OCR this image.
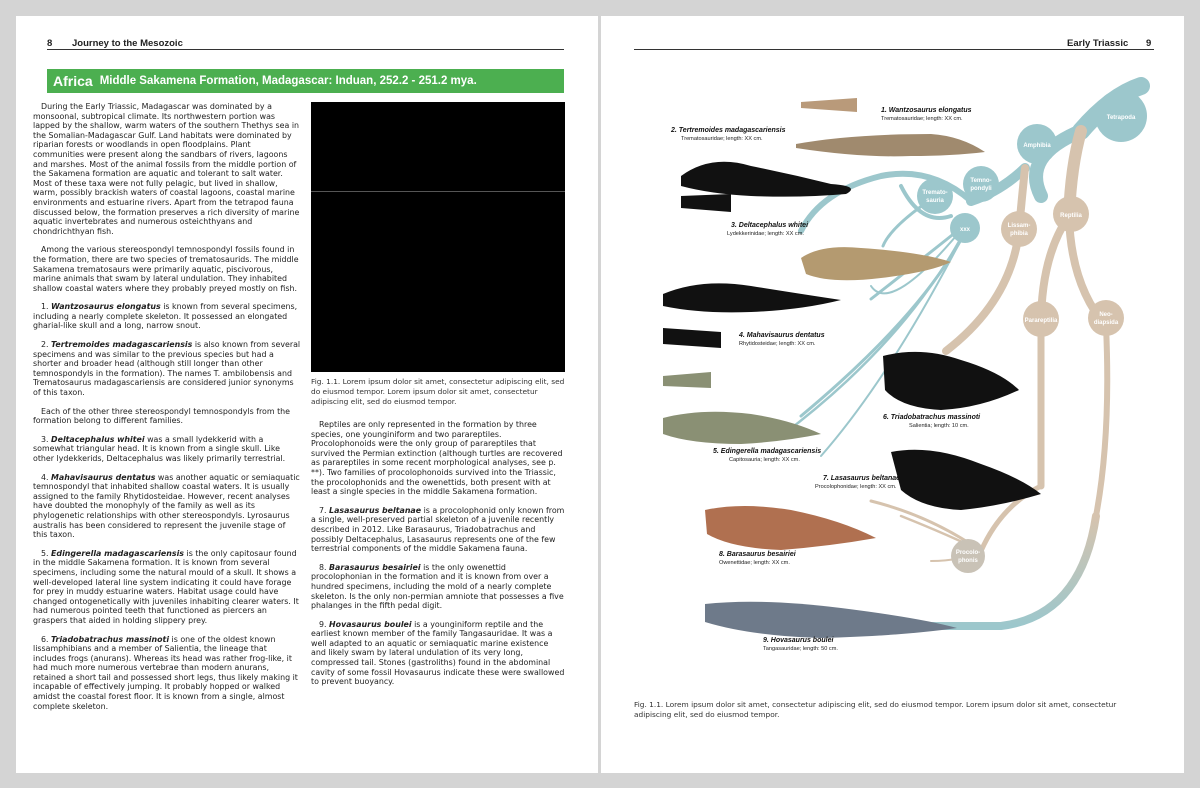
8 Journey to the Mesozoic
Africa Middle Sakamena Formation, Madagascar: Induan, 252.2 - 251.2 mya.

During the Early Triassic, Madagascar was dominated by a monsoonal, subtropical climate. Its northwestern portion was lapped by the shallow, warm waters of the southern Thethys sea in the Somalian-Madagascar Gulf. Land habitats were dominated by riparian forests or woodlands in open floodplains. Plant communities were present along the sandbars of rivers, lagoons and marshes. Most of the animal fossils from the middle portion of the Sakamena formation are aquatic and tolerant to salt water. Most of these taxa were not fully pelagic, but lived in shallow, warm, possibly brackish waters of coastal lagoons, coastal marine environments and estuarine rivers. Apart from the tetrapod fauna discussed below, the formation preserves a rich diversity of marine aquatic invertebrates and numerous osteichthyans and chondrichthyan fish.

Among the various stereospondyl temnospondyl fossils found in the formation, there are two species of trematosaurids. The middle Sakamena trematosaurs were primarily aquatic, piscivorous, marine animals that swam by lateral undulation. They inhabited shallow coastal waters where they probably preyed mostly on fish.

1. Wantzosaurus elongatus is known from several specimens, including a nearly complete skeleton. It possessed an elongated gharial-like skull and a long, narrow snout.

2. Tertremoides madagascariensis is also known from several specimens and was similar to the previous species but had a shorter and broader head (although still longer than other temnospondyls in the formation). The names T. ambilobensis and Trematosaurus madagascariensis are considered junior synonyms of this taxon.

Each of the other three stereospondyl temnospondyls from the formation belong to different families.

3. Deltacephalus whitei was a small lydekkerid with a somewhat triangular head. It is known from a single skull. Like other lydekkerids, Deltacephalus was likely primarily terrestrial.

4. Mahavisaurus dentatus was another aquatic or semiaquatic temnospondyl that inhabited shallow coastal waters. It is usually assigned to the family Rhytidosteidae. However, recent analyses have doubted the monophyly of the family as well as its phylogenetic relationships with other stereospondyls. Lyrosaurus australis has been considered to represent the juvenile stage of this taxon.

5. Edingerella madagascariensis is the only capitosaur found in the middle Sakamena formation. It is known from several specimens, including some the natural mould of a skull. It shows a well-developed lateral line system indicating it could have forage for prey in muddy estuarine waters. Habitat usage could have changed ontogenetically with juveniles inhabiting clearer waters. It had numerous pointed teeth that functioned as piercers an graspers that aided in holding slippery prey.

6. Triadobatrachus massinoti is one of the oldest known lissamphibians and a member of Salientia, the lineage that includes frogs (anurans). Whereas its head was rather frog-like, it had much more numerous vertebrae than modern anurans, retained a short tail and possessed short legs, thus likely making it incapable of effectively jumping. It probably hopped or walked amidst the coastal forest floor. It is known from a single, almost complete skeleton.

Fig. 1.1. Lorem ipsum dolor sit amet, consectetur adipiscing elit, sed do eiusmod tempor. Lorem ipsum dolor sit amet, consectetur adipiscing elit, sed do eiusmod tempor.

Reptiles are only represented in the formation by three species, one younginiform and two parareptiles. Procolophonoids were the only group of parareptiles that survived the Permian extinction (although turtles are recovered as parareptiles in some recent morphological analyses, see p. **). Two families of procolophonoids survived into the Triassic, the procolophonids and the owenettids, both present with at least a single species in the middle Sakamena formation.

7. Lasasaurus beltanae is a procolophonid only known from a single, well-preserved partial skeleton of a juvenile recently described in 2012. Like Barasaurus, Triadobatrachus and possibly Deltacephalus, Lasasaurus represents one of the few terrestrial components of the middle Sakamena fauna.

8. Barasaurus besairiei is the only owenettid procolophonian in the formation and it is known from over a hundred specimens, including the mold of a nearly complete skeleton. Is the only non-permian amniote that possesses a five phalanges in the fifth pedal digit.

9. Hovasaurus boulei is a younginiform reptile and the earliest known member of the family Tangasauridae. It was a well adapted to an aquatic or semiaquatic marine existence and likely swam by lateral undulation of its very long, compressed tail. Stones (gastroliths) found in the abdominal cavity of some fossil Hovasaurus indicate these were swallowed to prevent buoyancy.

Early Triassic 9
Tetrapoda
Amphibia
Temno-
pondyli
Tremato-
sauria
xxx
Lissam-
phibia
Reptilia
Parareptilia
Neo-
diapsida
Procolo-
phonis
1. Wantzosaurus elongatus
Trematosauridae; length: XX cm.
2. Tertremoides madagascariensis
Trematosauridae; length: XX cm.
3. Deltacephalus whitei
Lydekkerinidae; length: XX cm.
4. Mahavisaurus dentatus
Rhytidosteidae; length: XX cm.
6. Triadobatrachus massinoti
Salientia; length: 10 cm.
5. Edingerella madagascariensis
Capitosauria; length: XX cm.
7. Lasasaurus beltanae
Procolophonidae; length: XX cm.
8. Barasaurus besairiei
Owenettidae; length: XX cm.
9. Hovasaurus boulei
Tangasauridae; length: 50 cm.
Fig. 1.1. Lorem ipsum dolor sit amet, consectetur adipiscing elit, sed do eiusmod tempor. Lorem ipsum dolor sit amet, consectetur adipiscing elit, sed do eiusmod tempor.
